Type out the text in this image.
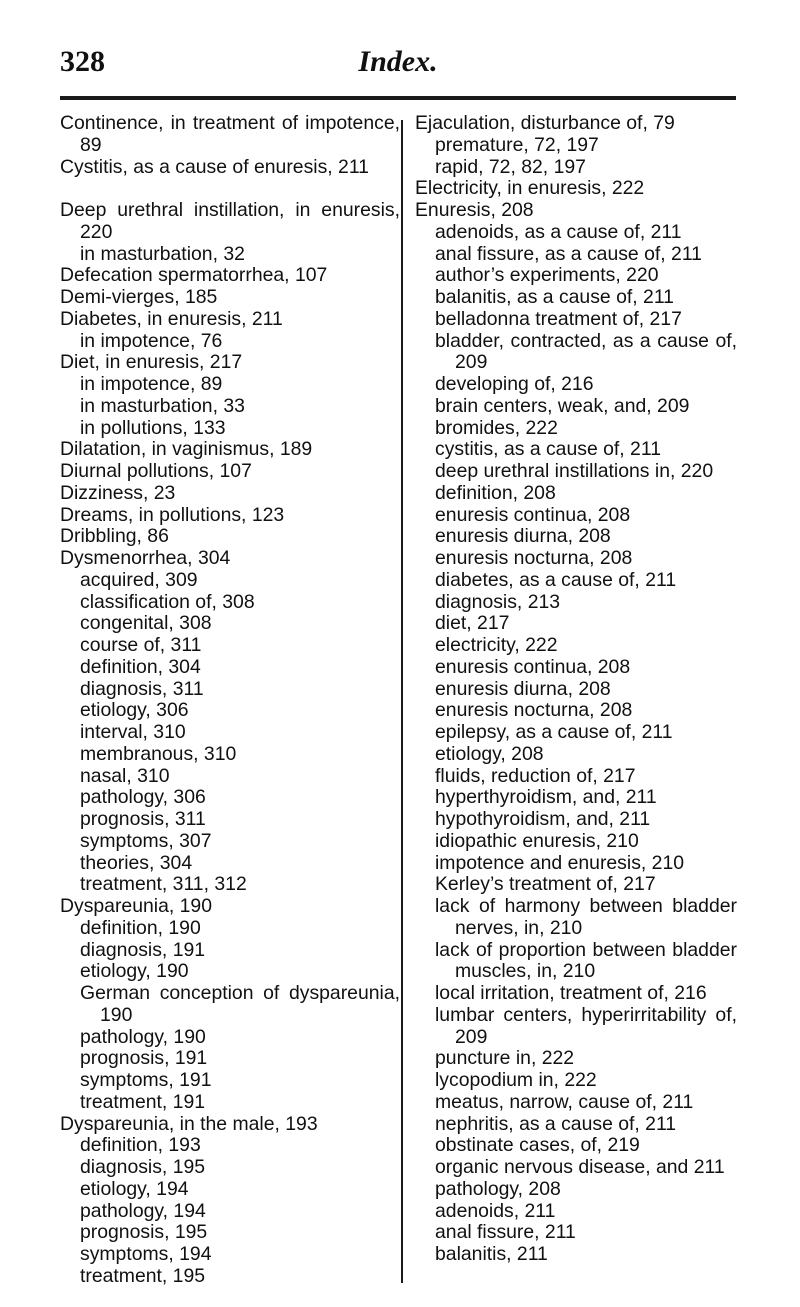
328	Index.
Continence, in treatment of impotence, 89
Cystitis, as a cause of enuresis, 211
Deep urethral instillation, in enuresis, 220
in masturbation, 32
Defecation spermatorrhea, 107
Demi-vierges, 185
Diabetes, in enuresis, 211
in impotence, 76
Diet, in enuresis, 217
in impotence, 89
in masturbation, 33
in pollutions, 133
Dilatation, in vaginismus, 189
Diurnal pollutions, 107
Dizziness, 23
Dreams, in pollutions, 123
Dribbling, 86
Dysmenorrhea, 304
acquired, 309
classification of, 308
congenital, 308
course of, 311
definition, 304
diagnosis, 311
etiology, 306
interval, 310
membranous, 310
nasal, 310
pathology, 306
prognosis, 311
symptoms, 307
theories, 304
treatment, 311, 312
Dyspareunia, 190
definition, 190
diagnosis, 191
etiology, 190
German conception of dyspareunia, 190
pathology, 190
prognosis, 191
symptoms, 191
treatment, 191
Dyspareunia, in the male, 193
definition, 193
diagnosis, 195
etiology, 194
pathology, 194
prognosis, 195
symptoms, 194
treatment, 195
Ejaculation, disturbance of, 79
premature, 72, 197
rapid, 72, 82, 197
Electricity, in enuresis, 222
Enuresis, 208
adenoids, as a cause of, 211
anal fissure, as a cause of, 211
author’s experiments, 220
balanitis, as a cause of, 211
belladonna treatment of, 217
bladder, contracted, as a cause of, 209
developing of, 216
brain centers, weak, and, 209
bromides, 222
cystitis, as a cause of, 211
deep urethral instillations in, 220
definition, 208
enuresis continua, 208
enuresis diurna, 208
enuresis nocturna, 208
diabetes, as a cause of, 211
diagnosis, 213
diet, 217
electricity, 222
enuresis continua, 208
enuresis diurna, 208
enuresis nocturna, 208
epilepsy, as a cause of, 211
etiology, 208
fluids, reduction of, 217
hyperthyroidism, and, 211
hypothyroidism, and, 211
idiopathic enuresis, 210
impotence and enuresis, 210
Kerley’s treatment of, 217
lack of harmony between bladder nerves, in, 210
lack of proportion between bladder muscles, in, 210
local irritation, treatment of, 216
lumbar centers, hyperirritability of, 209
puncture in, 222
lycopodium in, 222
meatus, narrow, cause of, 211
nephritis, as a cause of, 211
obstinate cases, of, 219
organic nervous disease, and 211
pathology, 208
adenoids, 211
anal fissure, 211
balanitis, 211
